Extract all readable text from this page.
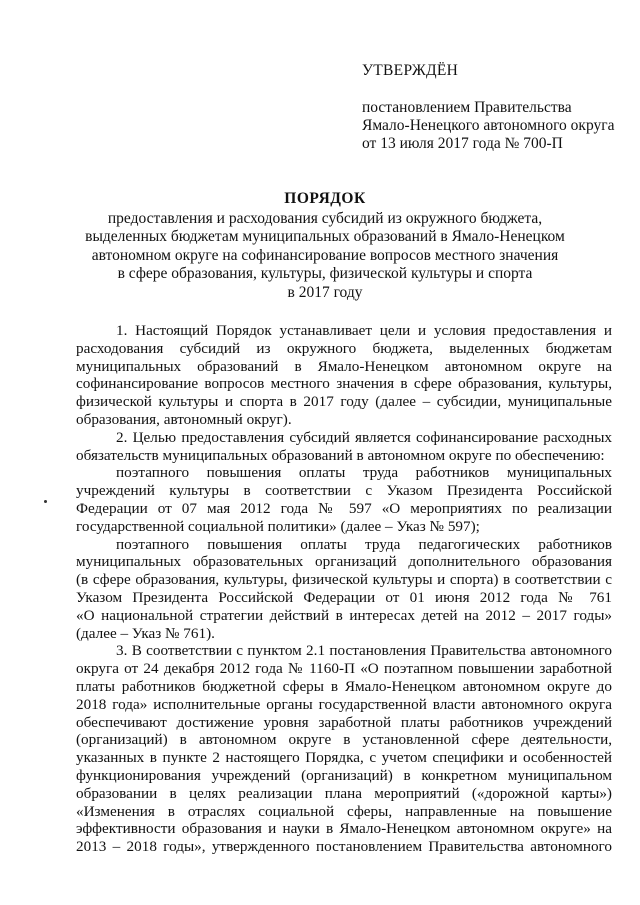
УТВЕРЖДЁН
постановлением Правительства
Ямало-Ненецкого автономного округа
от 13 июля 2017 года № 700-П
ПОРЯДОК
предоставления и расходования субсидий из окружного бюджета,
выделенных бюджетам муниципальных образований в Ямало-Ненецком
автономном округе на софинансирование вопросов местного значения
в сфере образования, культуры, физической культуры и спорта
в 2017 году
1. Настоящий Порядок устанавливает цели и условия предоставления и
расходования субсидий из окружного бюджета, выделенных бюджетам
муниципальных образований в Ямало-Ненецком автономном округе на
софинансирование вопросов местного значения в сфере образования, культуры,
физической культуры и спорта в 2017 году (далее – субсидии, муниципальные
образования, автономный округ).
2. Целью предоставления субсидий является софинансирование расходных
обязательств муниципальных образований в автономном округе по обеспечению:
поэтапного повышения оплаты труда работников муниципальных
учреждений культуры в соответствии с Указом Президента Российской
Федерации от 07 мая 2012 года № 597 «О мероприятиях по реализации
государственной социальной политики» (далее – Указ № 597);
поэтапного повышения оплаты труда педагогических работников
муниципальных образовательных организаций дополнительного образования
(в сфере образования, культуры, физической культуры и спорта) в соответствии с
Указом Президента Российской Федерации от 01 июня 2012 года № 761
«О национальной стратегии действий в интересах детей на 2012 – 2017 годы»
(далее – Указ № 761).
3. В соответствии с пунктом 2.1 постановления Правительства автономного
округа от 24 декабря 2012 года № 1160-П «О поэтапном повышении заработной
платы работников бюджетной сферы в Ямало-Ненецком автономном округе до
2018 года» исполнительные органы государственной власти автономного округа
обеспечивают достижение уровня заработной платы работников учреждений
(организаций) в автономном округе в установленной сфере деятельности,
указанных в пункте 2 настоящего Порядка, с учетом специфики и особенностей
функционирования учреждений (организаций) в конкретном муниципальном
образовании в целях реализации плана мероприятий («дорожной карты»)
«Изменения в отраслях социальной сферы, направленные на повышение
эффективности образования и науки в Ямало-Ненецком автономном округе» на
2013 – 2018 годы», утвержденного постановлением Правительства автономного
